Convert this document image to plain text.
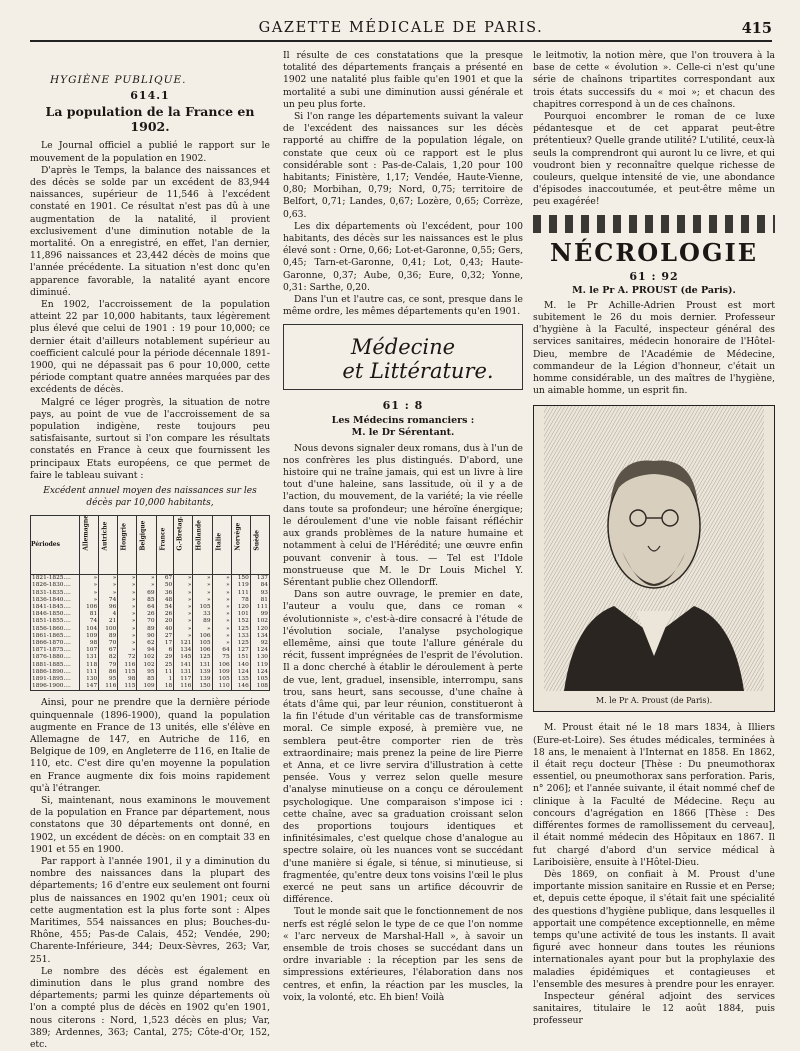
GAZETTE MÉDICALE DE PARIS.	415
HYGIÈNE PUBLIQUE.
614.1
La population de la France en 1902.

Le Journal officiel a publié le rapport sur le mouvement de la population en 1902.

D'après le Temps, la balance des naissances et des décès se solde par un excédent de 83,944 naissances, supérieur de 11,546 à l'excédent constaté en 1901. Ce résultat n'est pas dû à une augmentation de la natalité, il provient exclusivement d'une diminution notable de la mortalité. On a enregistré, en effet, l'an dernier, 11,896 naissances et 23,442 décès de moins que l'année précédente. La situation n'est donc qu'en apparence favorable, la natalité ayant encore diminué.

En 1902, l'accroissement de la population atteint 22 par 10,000 habitants, taux légèrement plus élevé que celui de 1901 : 19 pour 10,000; ce dernier était d'ailleurs notablement supérieur au coefficient calculé pour la période décennale 1891-1900, qui ne dépassait pas 6 pour 10,000, cette période comptant quatre années marquées par des excédents de décès.

Malgré ce léger progrès, la situation de notre pays, au point de vue de l'accroissement de sa population indigène, reste toujours peu satisfaisante, surtout si l'on compare les résultats constatés en France à ceux que fournissent les principaux Etats européens, ce que permet de faire le tableau suivant :

Excédent annuel moyen des naissances sur les décès par 10,000 habitants,
Périodes	Allemagne	Autriche	Hongrie	Belgique	France	G.-Bretag.	Hollande	Italie	Norvège	Suède
1821-1825....	»	»	»	»	67	»	»	»	150	137
1826-1830....	»	»	»	»	50	»	»	»	119	84
1831-1835....	»	»	»	69	36	»	»	»	111	93
1836-1840....	»	74	»	85	48	»	»	»	78	81
1841-1845....	106	96	»	64	54	»	105	»	120	111
1846-1850....	81	4	»	26	26	»	33	»	101	99
1851-1855....	74	21	»	70	20	»	89	»	152	102
1856-1860....	104	100	»	89	40	»	»	»	125	120
1861-1865....	109	89	»	90	27	»	106	»	133	134
1866-1870....	98	70	»	62	17	121	105	»	125	92
1871-1875....	107	67	»	94	6	134	106	64	127	124
1876-1880....	131	82	72	102	29	145	125	75	151	130
1881-1885....	118	79	116	102	25	141	131	106	140	119
1886-1890....	111	86	115	95	11	131	139	109	124	124
1891-1895....	130	95	98	85	1	117	139	105	135	105
1896-1900....	147	116	115	109	18	116	150	110	146	108

Ainsi, pour ne prendre que la dernière période quinquennale (1896-1900), quand la population augmente en France de 13 unités, elle s'élève en Allemagne de 147, en Autriche de 116, en Belgique de 109, en Angleterre de 116, en Italie de 110, etc. C'est dire qu'en moyenne la population en France augmente dix fois moins rapidement qu'à l'étranger.

Si, maintenant, nous examinons le mouvement de la population en France par département, nous constatons que 30 départements ont donné, en 1902, un excédent de décès: on en comptait 33 en 1901 et 55 en 1900.

Par rapport à l'année 1901, il y a diminution du nombre des naissances dans la plupart des départements; 16 d'entre eux seulement ont fourni plus de naissances en 1902 qu'en 1901; ceux où cette augmentation est la plus forte sont : Alpes Maritimes, 554 naissances en plus; Bouches-du-Rhône, 455; Pas-de Calais, 452; Vendée, 290; Charente-Inférieure, 344; Deux-Sèvres, 263; Var, 251.

Le nombre des décès est également en diminution dans le plus grand nombre des départements; parmi les quinze départements où l'on a compté plus de décès en 1902 qu'en 1901, nous citerons : Nord, 1,523 décès en plus; Var, 389; Ardennes, 363; Cantal, 275; Côte-d'Or, 152, etc.

Il résulte de ces constatations que la presque totalité des départements français a présenté en 1902 une natalité plus faible qu'en 1901 et que la mortalité a subi une diminution aussi générale et un peu plus forte.

Si l'on range les départements suivant la valeur de l'excédent des naissances sur les décès rapporté au chiffre de la population légale, on constate que ceux où ce rapport est le plus considérable sont : Pas-de-Calais, 1,20 pour 100 habitants; Finistère, 1,17; Vendée, Haute-Vienne, 0,80; Morbihan, 0,79; Nord, 0,75; territoire de Belfort, 0,71; Landes, 0,67; Lozère, 0,65; Corrèze, 0,63.

Les dix départements où l'excédent, pour 100 habitants, des décès sur les naissances est le plus élevé sont : Orne, 0,66; Lot-et-Garonne, 0,55; Gers, 0,45; Tarn-et-Garonne, 0,41; Lot, 0,43; Haute-Garonne, 0,37; Aube, 0,36; Eure, 0,32; Yonne, 0,31: Sarthe, 0,20.

Dans l'un et l'autre cas, ce sont, presque dans le même ordre, les mêmes départements qu'en 1901.

Médecine
et Littérature.
61 : 8
Les Médecins romanciers :
M. le Dr Sérentant.

Nous devons signaler deux romans, dus à l'un de nos confrères les plus distingués. D'abord, une histoire qui ne traîne jamais, qui est un livre à lire tout d'une haleine, sans lassitude, où il y a de l'action, du mouvement, de la variété; la vie réelle dans toute sa profondeur; une héroïne énergique; le déroulement d'une vie noble faisant réfléchir aux grands problèmes de la nature humaine et notamment à celui de l'Hérédité; une œuvre enfin pouvant convenir à tous. — Tel est l'Idole monstrueuse que M. le Dr Louis Michel Y. Sérentant publie chez Ollendorff.

Dans son autre ouvrage, le premier en date, l'auteur a voulu que, dans ce roman « évolutionniste », c'est-à-dire consacré à l'étude de l'évolution sociale, l'analyse psychologique ellemême, ainsi que toute l'allure générale du récit, fussent imprégnées de l'esprit de l'évolution. Il a donc cherché à établir le déroulement à perte de vue, lent, graduel, insensible, interrompu, sans trou, sans heurt, sans secousse, d'une chaîne à états d'âme qui, par leur réunion, constitueront à la fin l'étude d'un véritable cas de transformisme moral. Ce simple exposé, à première vue, ne semblera peut-être comporter rien de très extraordinaire; mais prenez la peine de lire Pierre et Anna, et ce livre servira d'illustration à cette pensée. Vous y verrez selon quelle mesure d'analyse minutieuse on a conçu ce déroulement psychologique. Une comparaison s'impose ici : cette chaîne, avec sa graduation croissant selon des proportions toujours identiques et infinitésimales, c'est quelque chose d'analogue au spectre solaire, où les nuances vont se succédant d'une manière si égale, si ténue, si minutieuse, si fragmentée, qu'entre deux tons voisins l'œil le plus exercé ne peut sans un artifice découvrir de différence.

Tout le monde sait que le fonctionnement de nos nerfs est réglé selon le type de ce que l'on nomme « l'arc nerveux de Marshal-Hall », à savoir un ensemble de trois choses se succédant dans un ordre invariable : la réception par les sens de simpressions extérieures, l'élaboration dans nos centres, et enfin, la réaction par les muscles, la voix, la volonté, etc. Eh bien! Voilà

le leitmotiv, la notion mère, que l'on trouvera à la base de cette « évolution ». Celle-ci n'est qu'une série de chaînons tripartites correspondant aux trois états successifs du « moi »; et chacun des chapitres correspond à un de ces chaînons.

Pourquoi encombrer le roman de ce luxe pédantesque et de cet apparat peut-être prétentieux? Quelle grande utilité? L'utilité, ceux-là seuls la comprendront qui auront lu ce livre, et qui voudront bien y reconnaître quelque richesse de couleurs, quelque intensité de vie, une abondance d'épisodes inaccoutumée, et peut-être même un peu exagérée!

NÉCROLOGIE
61 : 92
M. le Pr A. PROUST (de Paris).

M. le Pr Achille-Adrien Proust est mort subitement le 26 du mois dernier. Professeur d'hygiène à la Faculté, inspecteur général des services sanitaires, médecin honoraire de l'Hôtel-Dieu, membre de l'Académie de Médecine, commandeur de la Légion d'honneur, c'était un homme considérable, un des maîtres de l'hygiène, un aimable homme, un esprit fin.

M. le Pr A. Proust (de Paris).

M. Proust était né le 18 mars 1834, à Illiers (Eure-et-Loire). Ses études médicales, terminées à 18 ans, le menaient à l'Internat en 1858. En 1862, il était reçu docteur [Thèse : Du pneumothorax essentiel, ou pneumothorax sans perforation. Paris, n° 206]; et l'année suivante, il était nommé chef de clinique à la Faculté de Médecine. Reçu au concours d'agrégation en 1866 [Thèse : Des différentes formes de ramollissement du cerveau], il était nommé médecin des Hôpitaux en 1867. Il fut chargé d'abord d'un service médical à Lariboisière, ensuite à l'Hôtel-Dieu.

Dès 1869, on confiait à M. Proust d'une importante mission sanitaire en Russie et en Perse; et, depuis cette époque, il s'était fait une spécialité des questions d'hygiène publique, dans lesquelles il apportait une compétence exceptionnelle, en même temps qu'une activité de tous les instants. Il avait figuré avec honneur dans toutes les réunions internationales ayant pour but la prophylaxie des maladies épidémiques et contagieuses et l'ensemble des mesures à prendre pour les enrayer.

Inspecteur général adjoint des services sanitaires, titulaire le 12 août 1884, puis professeur
